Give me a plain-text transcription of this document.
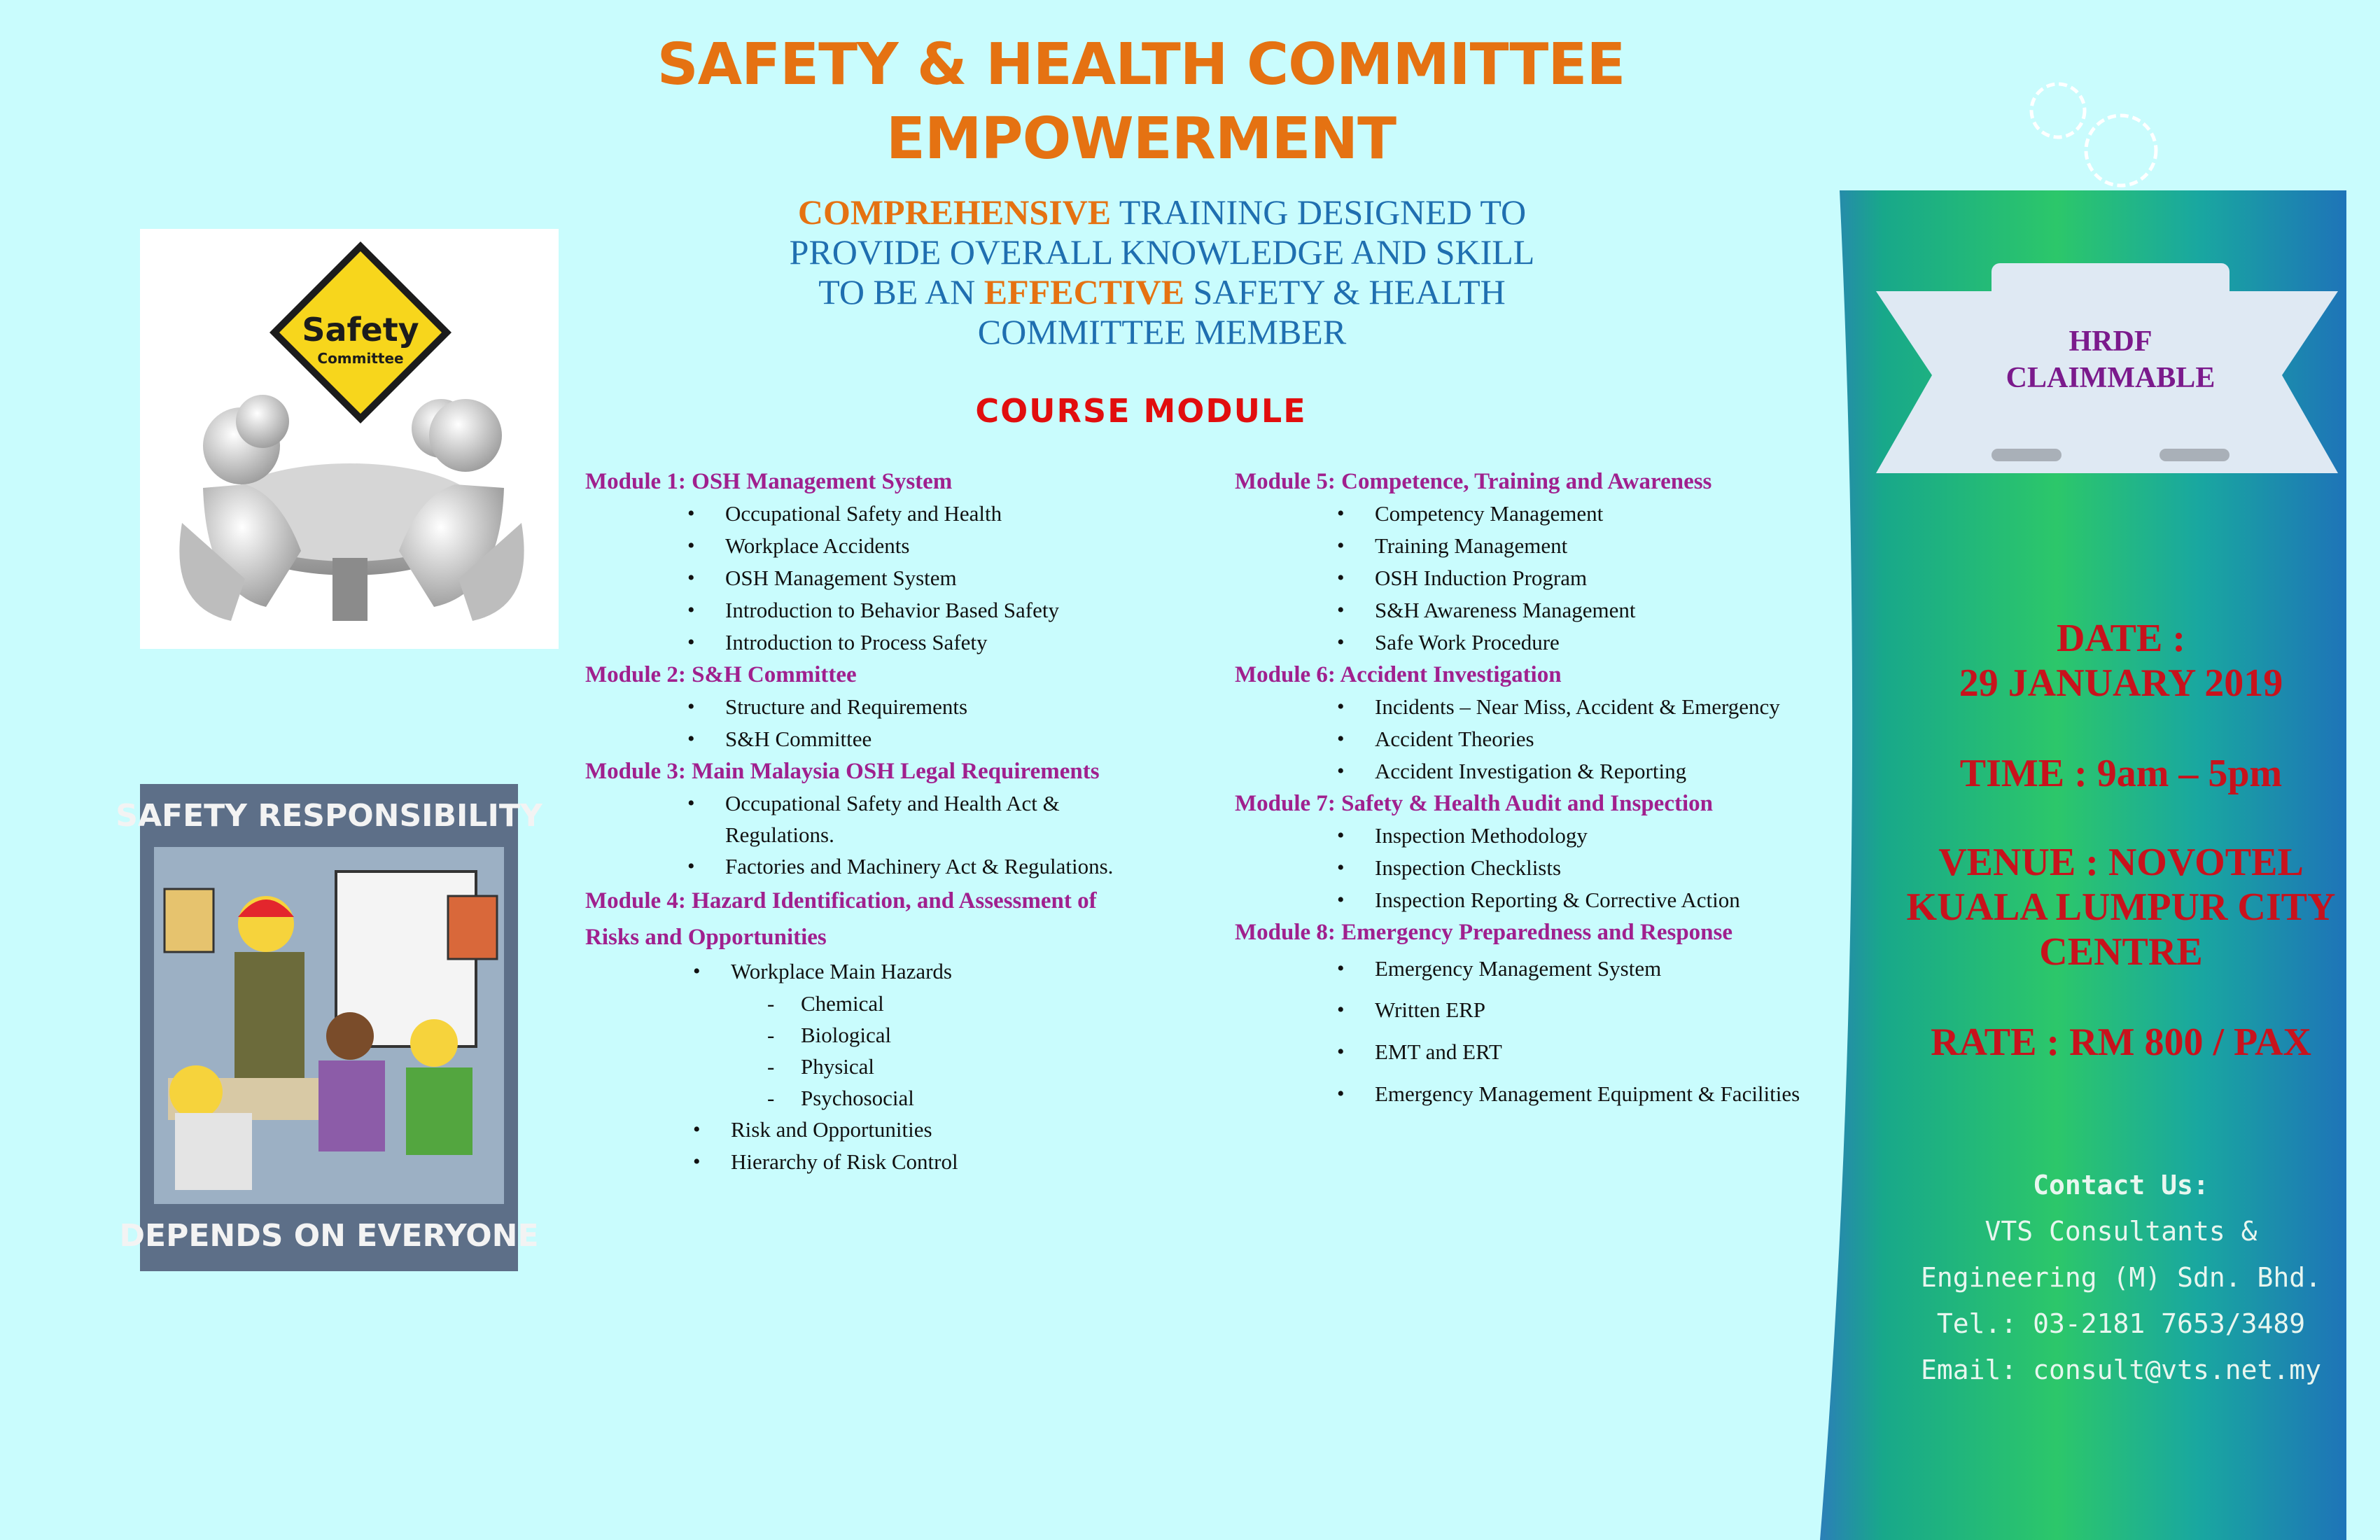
SAFETY & HEALTH COMMITTEE
EMPOWERMENT
COMPREHENSIVE TRAINING DESIGNED TO
PROVIDE OVERALL KNOWLEDGE AND SKILL
TO BE AN EFFECTIVE SAFETY & HEALTH
COMMITTEE MEMBER
COURSE MODULE
Safety
Committee
SAFETY RESPONSIBILITY
DEPENDS ON EVERYONE
Module 1: OSH Management System
• Occupational Safety and Health
• Workplace Accidents
• OSH Management System
• Introduction to Behavior Based Safety
• Introduction to Process Safety
Module 2: S&H Committee
• Structure and Requirements
• S&H Committee
Module 3: Main Malaysia OSH Legal Requirements
• Occupational Safety and Health Act &
Regulations.
• Factories and Machinery Act & Regulations.
Module 4: Hazard Identification, and Assessment of
Risks and Opportunities
• Workplace Main Hazards
- Chemical
- Biological
- Physical
- Psychosocial
• Risk and Opportunities
• Hierarchy of Risk Control
Module 5: Competence, Training and Awareness
• Competency Management
• Training Management
• OSH Induction Program
• S&H Awareness Management
• Safe Work Procedure
Module 6: Accident Investigation
• Incidents – Near Miss, Accident & Emergency
• Accident Theories
• Accident Investigation & Reporting
Module 7: Safety & Health Audit and Inspection
• Inspection Methodology
• Inspection Checklists
• Inspection Reporting & Corrective Action
Module 8: Emergency Preparedness and Response
• Emergency Management System
• Written ERP
• EMT and ERT
• Emergency Management Equipment & Facilities
HRDF
CLAIMMABLE
DATE :
29 JANUARY 2019
TIME : 9am – 5pm
VENUE : NOVOTEL
KUALA LUMPUR CITY
CENTRE
RATE : RM 800 / PAX
Contact Us:
VTS Consultants &
Engineering (M) Sdn. Bhd.
Tel.: 03-2181 7653/3489
Email: consult@vts.net.my
